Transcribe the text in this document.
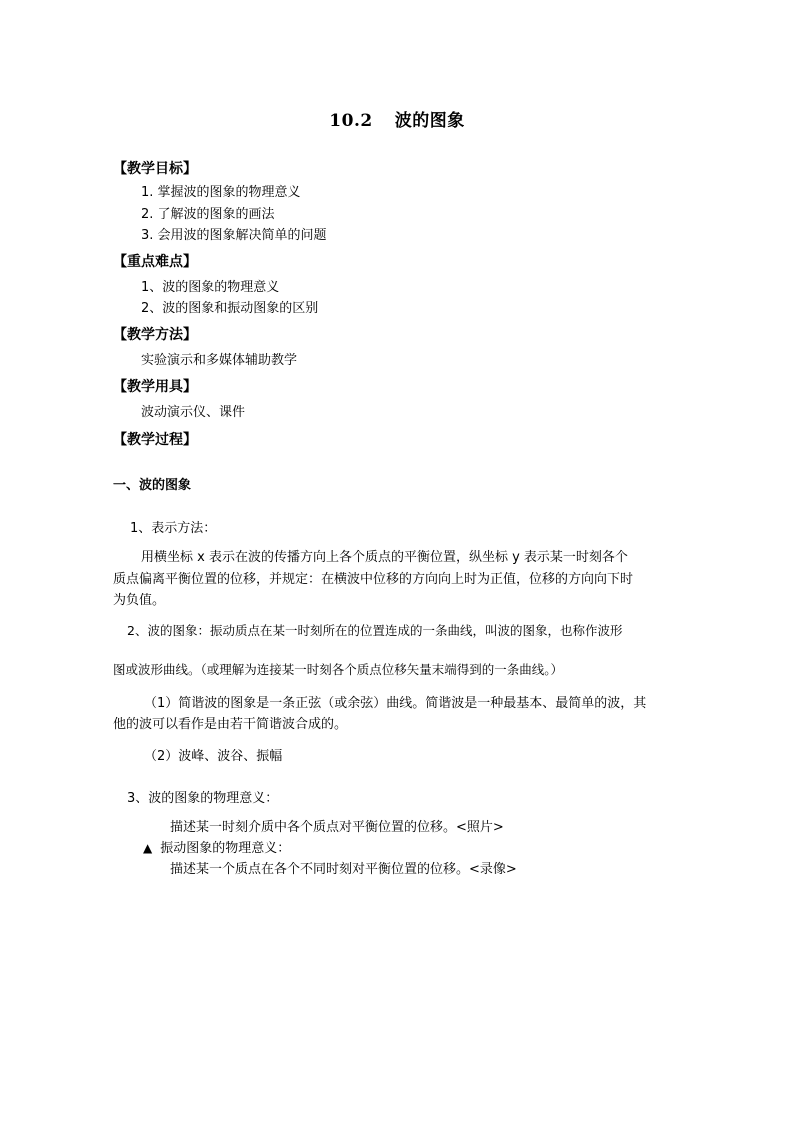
10.2 波的图象
【教学目标】
1. 掌握波的图象的物理意义
2. 了解波的图象的画法
3. 会用波的图象解决简单的问题
【重点难点】
1、波的图象的物理意义
2、波的图象和振动图象的区别
【教学方法】
实验演示和多媒体辅助教学
【教学用具】
波动演示仪、课件
【教学过程】
一、波的图象
1、表示方法：
用横坐标 x 表示在波的传播方向上各个质点的平衡位置，纵坐标 y 表示某一时刻各个
质点偏离平衡位置的位移，并规定：在横波中位移的方向向上时为正值，位移的方向向下时
为负值。
2、波的图象：振动质点在某一时刻所在的位置连成的一条曲线，叫波的图象，也称作波形
图或波形曲线。（或理解为连接某一时刻各个质点位移矢量末端得到的一条曲线。）
（1）简谐波的图象是一条正弦（或余弦）曲线。简谐波是一种最基本、最简单的波，其
他的波可以看作是由若干简谐波合成的。
（2）波峰、波谷、振幅
3、波的图象的物理意义：
描述某一时刻介质中各个质点对平衡位置的位移。<照片>
▲ 振动图象的物理意义：
描述某一个质点在各个不同时刻对平衡位置的位移。<录像>
